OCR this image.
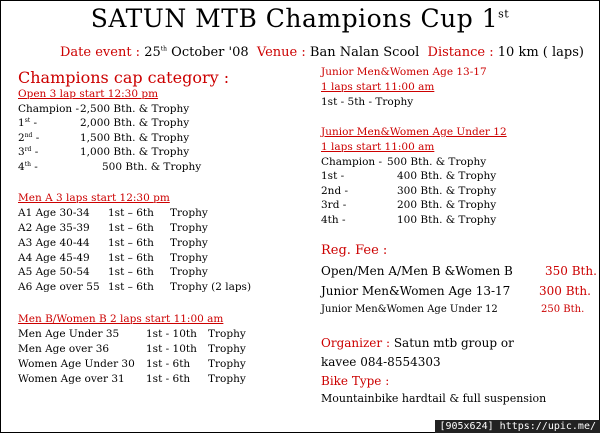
SATUN MTB Champions Cup 1st
Date event : 25th October '08 Venue : Ban Nalan Scool Distance : 10 km ( laps)
Champions cap category :
Open 3 lap start 12:30 pm
Champion -2,500 Bth. & Trophy
1st -	2,000 Bth. & Trophy
2nd -	1,500 Bth. & Trophy
3rd -	1,000 Bth. & Trophy
4th -	500 Bth. & Trophy
Men A 3 laps start 12:30 pm
A1 Age 30-34 1st – 6th Trophy
A2 Age 35-39 1st – 6th Trophy
A3 Age 40-44 1st – 6th Trophy
A4 Age 45-49 1st – 6th Trophy
A5 Age 50-54 1st – 6th Trophy
A6 Age over 55 1st – 6th Trophy (2 laps)
Men B/Women B 2 laps start 11:00 am
Men Age Under 35	1st - 10th Trophy
Men Age over 36	1st - 10th Trophy
Women Age Under 30 1st - 6th Trophy
Women Age over 31 1st - 6th Trophy
Junior Men&Women Age 13-17
1 laps start 11:00 am
1st - 5th - Trophy
Junior Men&Women Age Under 12
1 laps start 11:00 am
Champion - 500 Bth. & Trophy
1st -	400 Bth. & Trophy
2nd -	300 Bth. & Trophy
3rd -	200 Bth. & Trophy
4th -	100 Bth. & Trophy
Reg. Fee :
Open/Men A/Men B &Women B	350 Bth.
Junior Men&Women Age 13-17 300 Bth.
Junior Men&Women Age Under 12	250 Bth.
Organizer : Satun mtb group or
kavee 084-8554303
Bike Type :
Mountainbike hardtail & full suspension
[905x624] https://upic.me/
